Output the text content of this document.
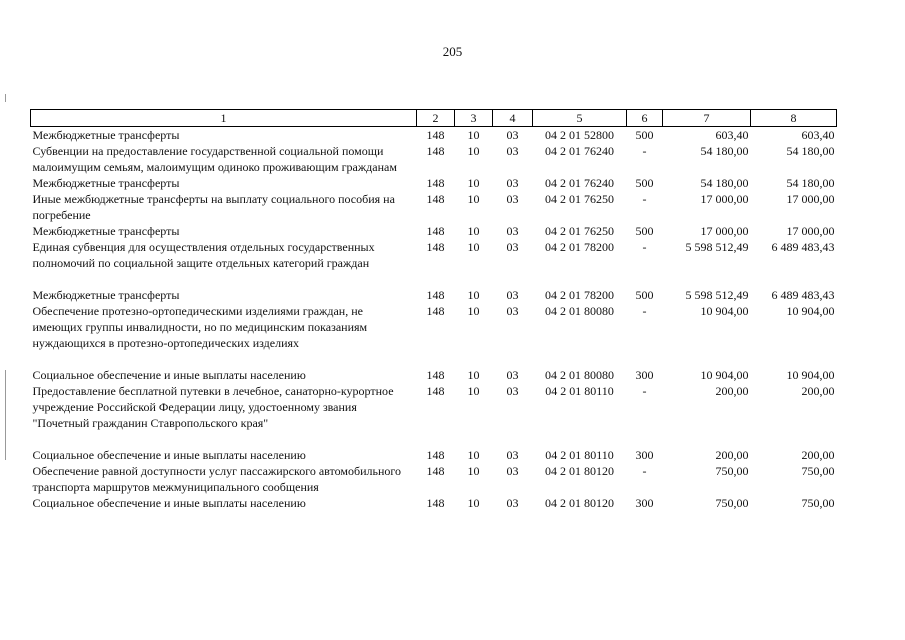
205
1	2	3	4	5	6	7	8
Межбюджетные трансферты	148	10	03	04 2 01 52800	500	603,40	603,40
Субвенции на предоставление государственной социальной помощи малоимущим семьям, малоимущим одиноко проживающим гражданам	148	10	03	04 2 01 76240	-	54 180,00	54 180,00
Межбюджетные трансферты	148	10	03	04 2 01 76240	500	54 180,00	54 180,00
Иные межбюджетные трансферты на выплату социального пособия на погребение	148	10	03	04 2 01 76250	-	17 000,00	17 000,00
Межбюджетные трансферты	148	10	03	04 2 01 76250	500	17 000,00	17 000,00
Единая субвенция для осуществления отдельных государственных полномочий по социальной защите отдельных категорий граждан	148	10	03	04 2 01 78200	-	5 598 512,49	6 489 483,43

Межбюджетные трансферты	148	10	03	04 2 01 78200	500	5 598 512,49	6 489 483,43
Обеспечение протезно-ортопедическими изделиями граждан, не имеющих группы инвалидности, но по медицинским показаниям нуждающихся в протезно-ортопедических изделиях	148	10	03	04 2 01 80080	-	10 904,00	10 904,00

Социальное обеспечение и иные выплаты населению	148	10	03	04 2 01 80080	300	10 904,00	10 904,00
Предоставление бесплатной путевки в лечебное, санаторно-курортное учреждение Российской Федерации лицу, удостоенному звания "Почетный гражданин Ставропольского края"	148	10	03	04 2 01 80110	-	200,00	200,00

Социальное обеспечение и иные выплаты населению	148	10	03	04 2 01 80110	300	200,00	200,00
Обеспечение равной доступности услуг пассажирского автомобильного транспорта маршрутов межмуниципального сообщения	148	10	03	04 2 01 80120	-	750,00	750,00
Социальное обеспечение и иные выплаты населению	148	10	03	04 2 01 80120	300	750,00	750,00
